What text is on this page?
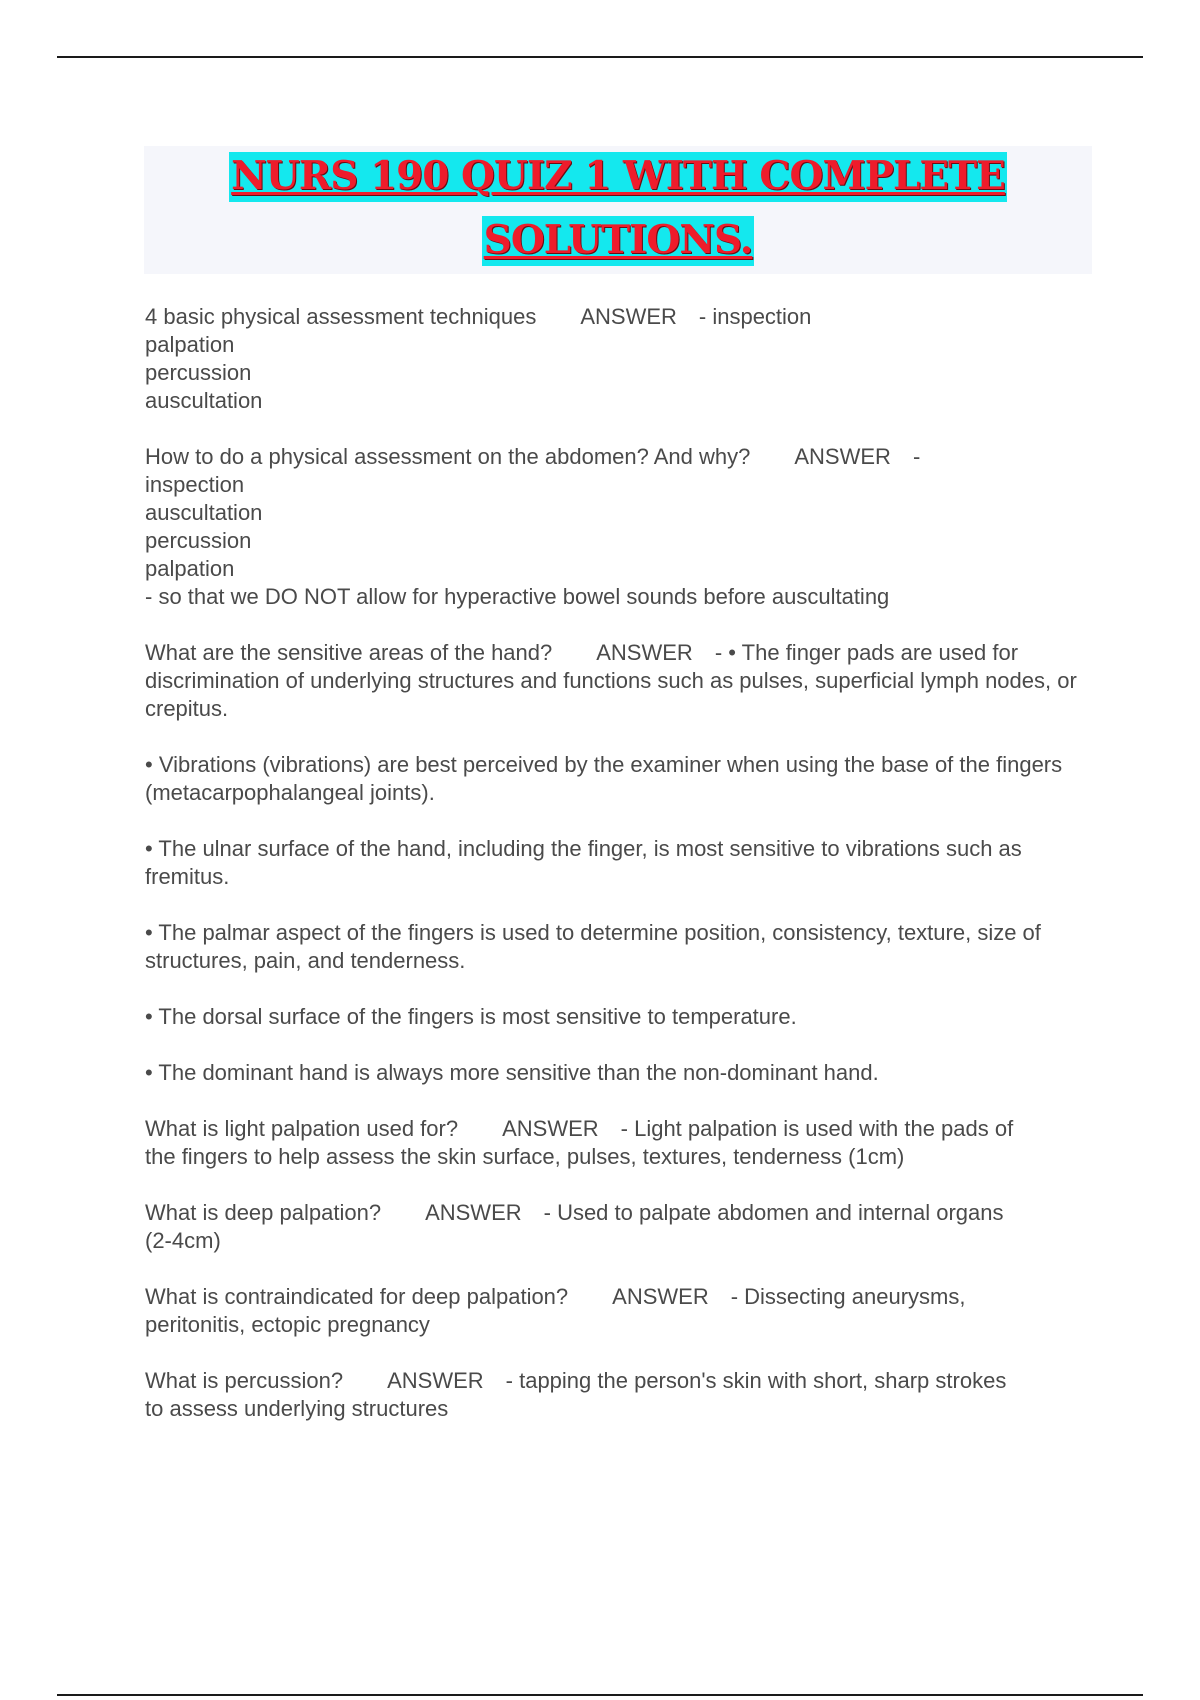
NURS 190 QUIZ 1 WITH COMPLETE
SOLUTIONS.
4 basic physical assessment techniques ANSWER - inspection
palpation
percussion
auscultation
How to do a physical assessment on the abdomen? And why? ANSWER -
inspection
auscultation
percussion
palpation
- so that we DO NOT allow for hyperactive bowel sounds before auscultating
What are the sensitive areas of the hand? ANSWER - • The finger pads are used for
discrimination of underlying structures and functions such as pulses, superficial lymph nodes, or crepitus.
• Vibrations (vibrations) are best perceived by the examiner when using the base of the fingers (metacarpophalangeal joints).
• The ulnar surface of the hand, including the finger, is most sensitive to vibrations such as fremitus.
• The palmar aspect of the fingers is used to determine position, consistency, texture, size of structures, pain, and tenderness.
• The dorsal surface of the fingers is most sensitive to temperature.
• The dominant hand is always more sensitive than the non-dominant hand.
What is light palpation used for? ANSWER - Light palpation is used with the pads of
the fingers to help assess the skin surface, pulses, textures, tenderness (1cm)
What is deep palpation? ANSWER - Used to palpate abdomen and internal organs
(2-4cm)
What is contraindicated for deep palpation? ANSWER - Dissecting aneurysms,
peritonitis, ectopic pregnancy
What is percussion? ANSWER - tapping the person's skin with short, sharp strokes
to assess underlying structures
